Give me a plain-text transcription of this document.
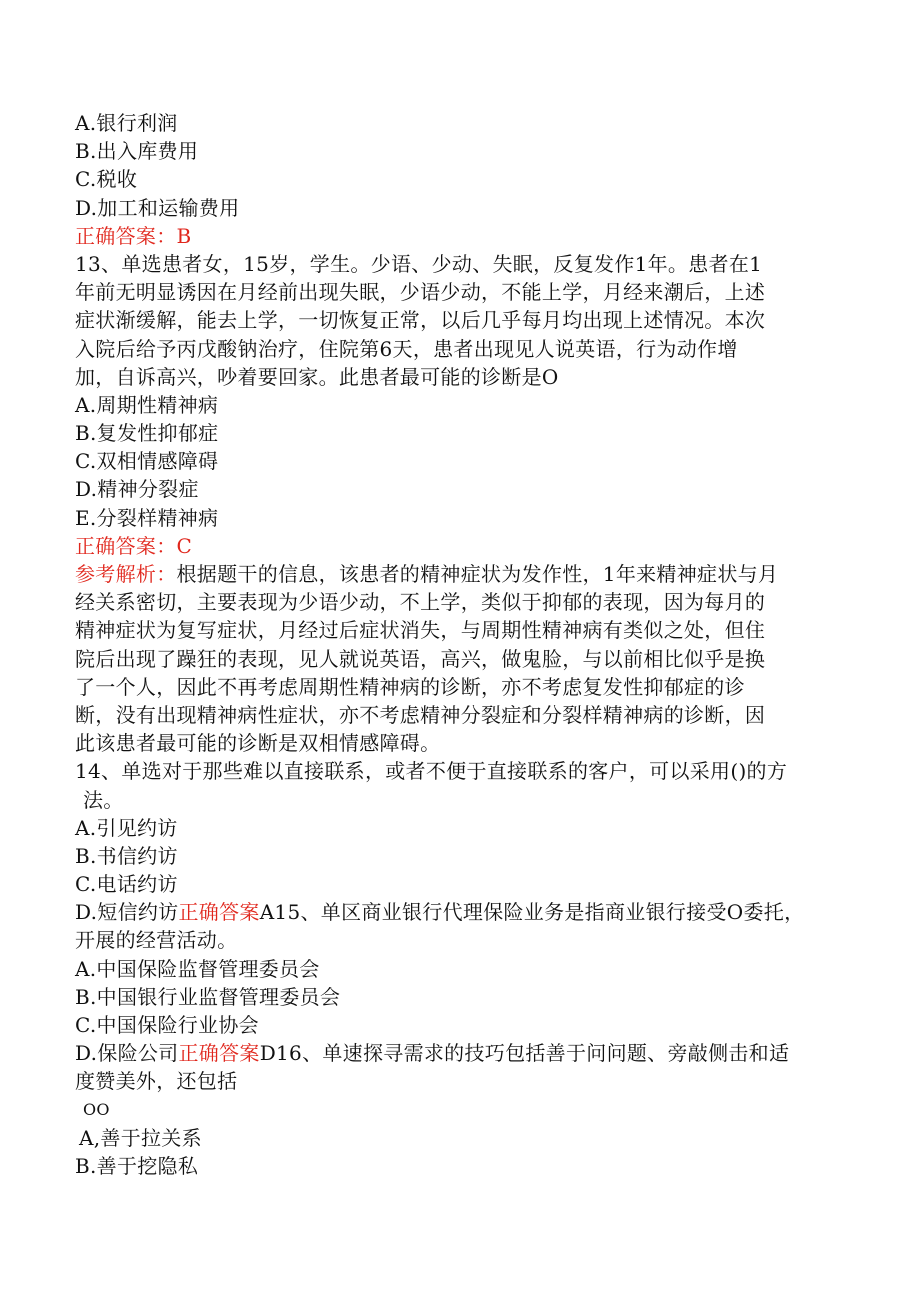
A.银行利润
B.出入库费用
C.税收
D.加工和运输费用
正确答案：B
13、单选患者女，15岁，学生。少语、少动、失眠，反复发作1年。患者在1
年前无明显诱因在月经前出现失眠，少语少动，不能上学，月经来潮后，上述
症状渐缓解，能去上学，一切恢复正常，以后几乎每月均出现上述情况。本次
入院后给予丙戊酸钠治疗，住院第6天，患者出现见人说英语，行为动作增
加，自诉高兴，吵着要回家。此患者最可能的诊断是O
A.周期性精神病
B.复发性抑郁症
C.双相情感障碍
D.精神分裂症
E.分裂样精神病
正确答案：C
参考解析：根据题干的信息，该患者的精神症状为发作性，1年来精神症状与月
经关系密切，主要表现为少语少动，不上学，类似于抑郁的表现，因为每月的
精神症状为复写症状，月经过后症状消失，与周期性精神病有类似之处，但住
院后出现了躁狂的表现，见人就说英语，高兴，做鬼脸，与以前相比似乎是换
了一个人，因此不再考虑周期性精神病的诊断，亦不考虑复发性抑郁症的诊
断，没有出现精神病性症状，亦不考虑精神分裂症和分裂样精神病的诊断，因
此该患者最可能的诊断是双相情感障碍。
14、单选对于那些难以直接联系，或者不便于直接联系的客户，可以采用()的方
法。
A.引见约访
B.书信约访
C.电话约访
D.短信约访正确答案A15、单区商业银行代理保险业务是指商业银行接受O委托，
开展的经营活动。
A.中国保险监督管理委员会
B.中国银行业监督管理委员会
C.中国保险行业协会
D.保险公司正确答案D16、单速探寻需求的技巧包括善于问问题、旁敲侧击和适
度赞美外，还包括
OO
A,善于拉关系
B.善于挖隐私
